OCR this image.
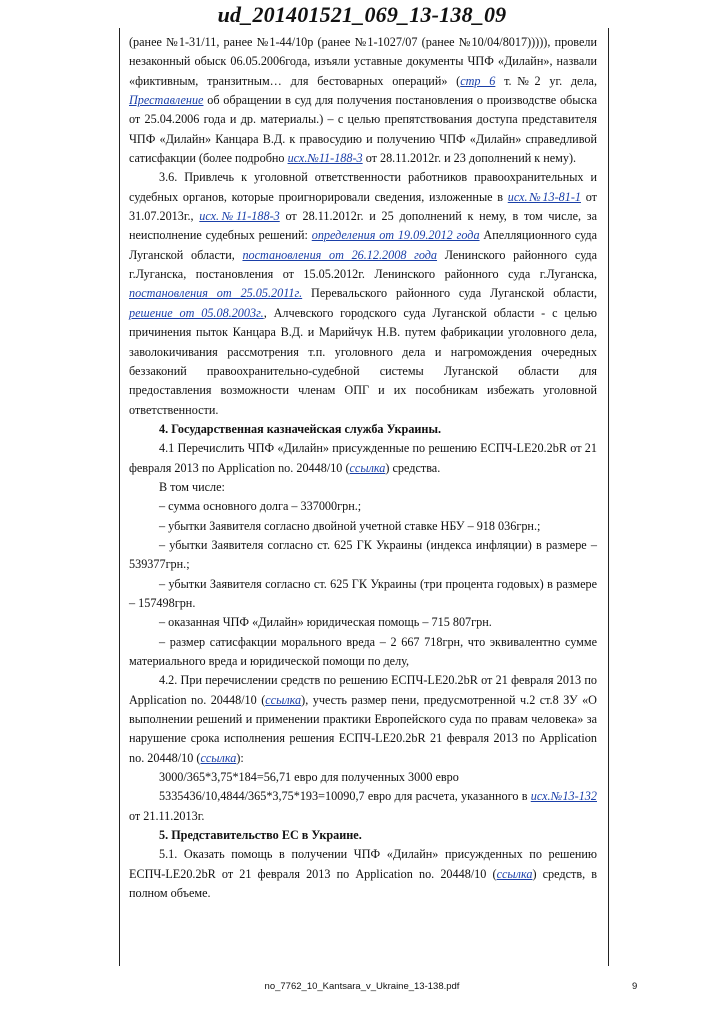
ud_201401521_069_13-138_09

(ранее №1-31/11, ранее №1-44/10р (ранее №1-1027/07 (ранее №10/04/8017))))), провели незаконный обыск 06.05.2006года, изъяли уставные документы ЧПФ «Дилайн», назвали «фиктивным, транзитным… для бестоварных операций» (стр 6 т.№2 уг. дела, Преставление об обращении в суд для получения постановления о производстве обыска от 25.04.2006 года и др. материалы.) – с целью препятствования доступа представителя ЧПФ «Дилайн» Канцара В.Д. к правосудию и получению ЧПФ «Дилайн» справедливой сатисфакции (более подробно исх.№11-188-3 от 28.11.2012г. и 23 дополнений к нему).

3.6. Привлечь к уголовной ответственности работников правоохранительных и судебных органов, которые проигнорировали сведения, изложенные в исх.№13-81-1 от 31.07.2013г., исх.№11-188-3 от 28.11.2012г. и 25 дополнений к нему, в том числе, за неисполнение судебных решений: определения от 19.09.2012 года Апелляционного суда Луганской области, постановления от 26.12.2008 года Ленинского районного суда г.Луганска, постановления от 15.05.2012г. Ленинского районного суда г.Луганска, постановления от 25.05.2011г. Перевальского районного суда Луганской области, решение от 05.08.2003г., Алчевского городского суда Луганской области - с целью причинения пыток Канцара В.Д. и Марийчук Н.В. путем фабрикации уголовного дела, заволокичивания рассмотрения т.п. уголовного дела и нагромождения очередных беззаконий правоохранительно-судебной системы Луганской области для предоставления возможности членам ОПГ и их пособникам избежать уголовной ответственности.

4. Государственная казначейская служба Украины.

4.1 Перечислить ЧПФ «Дилайн» присужденные по решению ЕСПЧ-LE20.2bR от 21 февраля 2013 по Application no. 20448/10 (ссылка) средства.

В том числе:

– сумма основного долга – 337000грн.;

– убытки Заявителя согласно двойной учетной ставке НБУ – 918 036грн.;

– убытки Заявителя согласно ст. 625 ГК Украины (индекса инфляции) в размере – 539377грн.;

– убытки Заявителя согласно ст. 625 ГК Украины (три процента годовых) в размере – 157498грн.

– оказанная ЧПФ «Дилайн» юридическая помощь – 715 807грн.

– размер сатисфакции морального вреда – 2 667 718грн, что эквивалентно сумме материального вреда и юридической помощи по делу,

4.2. При перечислении средств по решению ЕСПЧ-LE20.2bR от 21 февраля 2013 по Application no. 20448/10 (ссылка), учесть размер пени, предусмотренной ч.2 ст.8 ЗУ «О выполнении решений и применении практики Европейского суда по правам человека» за нарушение срока исполнения решения ЕСПЧ-LE20.2bR 21 февраля 2013 по Application no. 20448/10 (ссылка):

3000/365*3,75*184=56,71 евро для полученных 3000 евро

5335436/10,4844/365*3,75*193=10090,7 евро для расчета, указанного в исх.№13-132 от 21.11.2013г.

5. Представительство ЕС в Украине.

5.1. Оказать помощь в получении ЧПФ «Дилайн» присужденных по решению ЕСПЧ-LE20.2bR от 21 февраля 2013 по Application no. 20448/10 (ссылка) средств, в полном объеме.

no_7762_10_Kantsara_v_Ukraine_13-138.pdf	9
